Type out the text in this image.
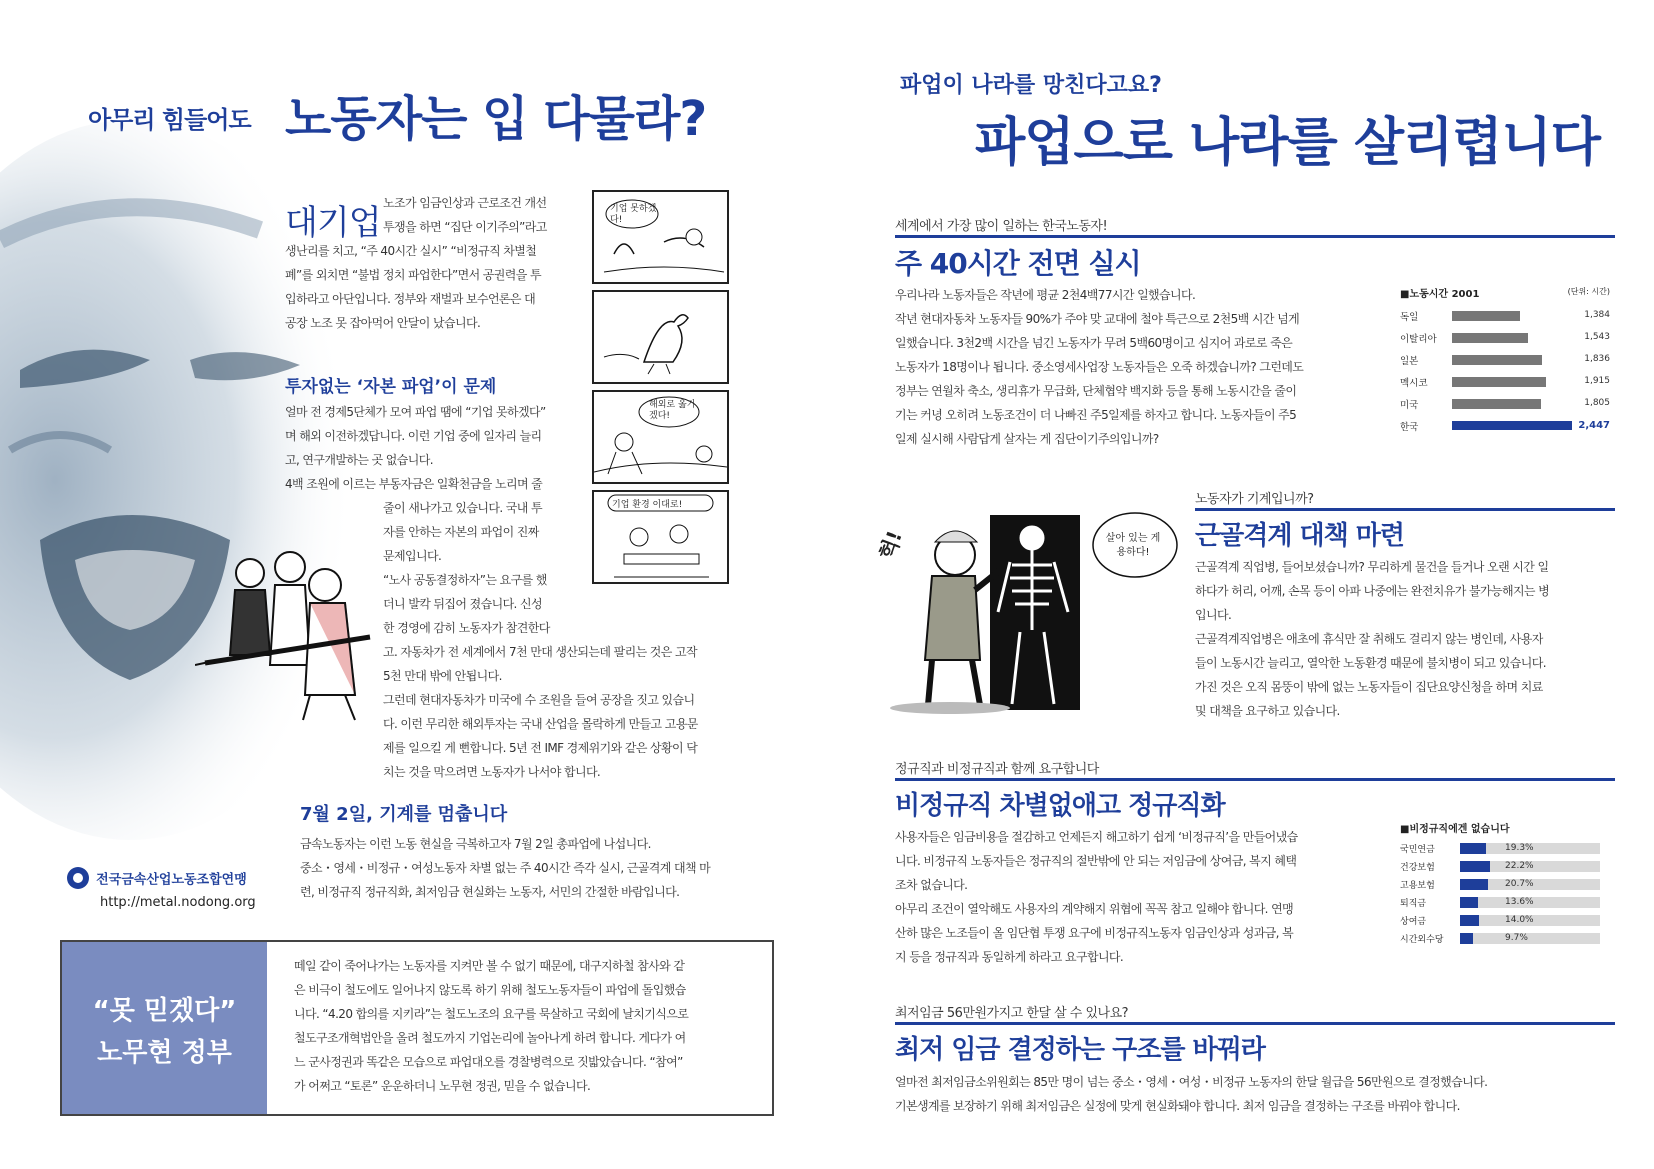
아무리 힘들어도 노동자는 입 다물라?
대기업 노조가 임금인상과 근로조건 개선
투쟁을 하면 “집단 이기주의”라고
생난리를 치고, “주 40시간 실시” “비정규직 차별철
폐”를 외치면 “불법 정치 파업한다”면서 공권력을 투
입하라고 아단입니다. 정부와 재벌과 보수언론은 대
공장 노조 못 잡아먹어 안달이 났습니다.
투자없는 ‘자본 파업’이 문제
얼마 전 경제5단체가 모여 파업 땜에 “기업 못하겠다”
며 해외 이전하겠답니다. 이런 기업 중에 일자리 늘리
고, 연구개발하는 곳 없습니다.
4백 조원에 이르는 부동자금은 일확천금을 노리며 줄
줄이 새나가고 있습니다. 국내 투
자를 안하는 자본의 파업이 진짜
문제입니다.
“노사 공동결정하자”는 요구를 했
더니 발칵 뒤집어 졌습니다. 신성
한 경영에 감히 노동자가 참견한다
고. 자동차가 전 세계에서 7천 만대 생산되는데 팔리는 것은 고작
5천 만대 밖에 안됩니다.
그런데 현대자동차가 미국에 수 조원을 들여 공장을 짓고 있습니
다. 이런 무리한 해외투자는 국내 산업을 몰락하게 만들고 고용문
제를 일으킬 게 뻔합니다. 5년 전 IMF 경제위기와 같은 상황이 닥
치는 것을 막으려면 노동자가 나서야 합니다.
기업 못하겠다!
해외로 옮기겠다!
기업 환경 이대로!
7월 2일, 기계를 멈춥니다
금속노동자는 이런 노동 현실을 극복하고자 7월 2일 총파업에 나섭니다.
중소・영세・비정규・여성노동자 차별 없는 주 40시간 즉각 실시, 근골격계 대책 마
련, 비정규직 정규직화, 최저임금 현실화는 노동자, 서민의 간절한 바람입니다.
전국금속산업노동조합연맹
http://metal.nodong.org
“못 믿겠다”
노무현 정부
떼일 같이 죽어나가는 노동자를 지켜만 볼 수 없기 때문에, 대구지하철 참사와 같
은 비극이 철도에도 일어나지 않도록 하기 위해 철도노동자들이 파업에 돌입했습
니다. “4.20 합의를 지키라”는 철도노조의 요구를 묵살하고 국회에 날치기식으로
철도구조개혁법안을 올려 철도까지 기업논리에 놀아나게 하려 합니다. 게다가 여
느 군사정권과 똑같은 모습으로 파업대오를 경찰병력으로 짓밟았습니다. “참여”
가 어쩌고 “토론” 운운하더니 노무현 정권, 믿을 수 없습니다.
파업이 나라를 망친다고요?
파업으로 나라를 살리렵니다
세계에서 가장 많이 일하는 한국노동자!
주 40시간 전면 실시
우리나라 노동자들은 작년에 평균 2천4백77시간 일했습니다.
작년 현대자동차 노동자들 90%가 주야 맞 교대에 철야 특근으로 2천5백 시간 넘게
일했습니다. 3천2백 시간을 넘긴 노동자가 무려 5백60명이고 심지어 과로로 죽은
노동자가 18명이나 됩니다. 중소영세사업장 노동자들은 오죽 하겠습니까? 그런데도
정부는 연월차 축소, 생리휴가 무급화, 단체협약 백지화 등을 통해 노동시간을 줄이
기는 커녕 오히려 노동조건이 더 나빠진 주5일제를 하자고 합니다. 노동자들이 주5
일제 실시해 사람답게 살자는 게 집단이기주의입니까?
■노동시간 2001	(단위: 시간)
독일	1,384
이탈리아	1,543
일본	1,836
멕시코	1,915
미국	1,805
한국	2,447
노동자가 기계입니까?
근골격계 대책 마련
근골격계 직업병, 들어보셨습니까? 무리하게 물건을 들거나 오랜 시간 일
하다가 허리, 어깨, 손목 등이 아파 나중에는 완전치유가 불가능해지는 병
입니다.
근골격계직업병은 애초에 휴식만 잘 취해도 걸리지 않는 병인데, 사용자
들이 노동시간 늘리고, 열악한 노동환경 때문에 불치병이 되고 있습니다.
가진 것은 오직 몸뚱이 밖에 없는 노동자들이 집단요양신청을 하며 치료
및 대책을 요구하고 있습니다.
헉!	살아 있는 게 용하다!
정규직과 비정규직과 함께 요구합니다
비정규직 차별없애고 정규직화
사용자들은 임금비용을 절감하고 언제든지 해고하기 쉽게 ‘비정규직’을 만들어냈습
니다. 비정규직 노동자들은 정규직의 절반밖에 안 되는 저임금에 상여금, 복지 혜택
조차 없습니다.
아무리 조건이 열악해도 사용자의 계약해지 위협에 꼭꼭 참고 일해야 합니다. 연맹
산하 많은 노조들이 올 임단협 투쟁 요구에 비정규직노동자 임금인상과 성과금, 복
지 등을 정규직과 동일하게 하라고 요구합니다.
■비정규직에겐 없습니다
국민연금	19.3%
건강보험	22.2%
고용보험	20.7%
퇴직금	13.6%
상여금	14.0%
시간외수당	9.7%
최저임금 56만원가지고 한달 살 수 있나요?
최저 임금 결정하는 구조를 바꿔라
얼마전 최저임금소위원회는 85만 명이 넘는 중소・영세・여성・비정규 노동자의 한달 월급을 56만원으로 결정했습니다.
기본생계를 보장하기 위해 최저임금은 실정에 맞게 현실화돼야 합니다. 최저 임금을 결정하는 구조를 바꿔야 합니다.
